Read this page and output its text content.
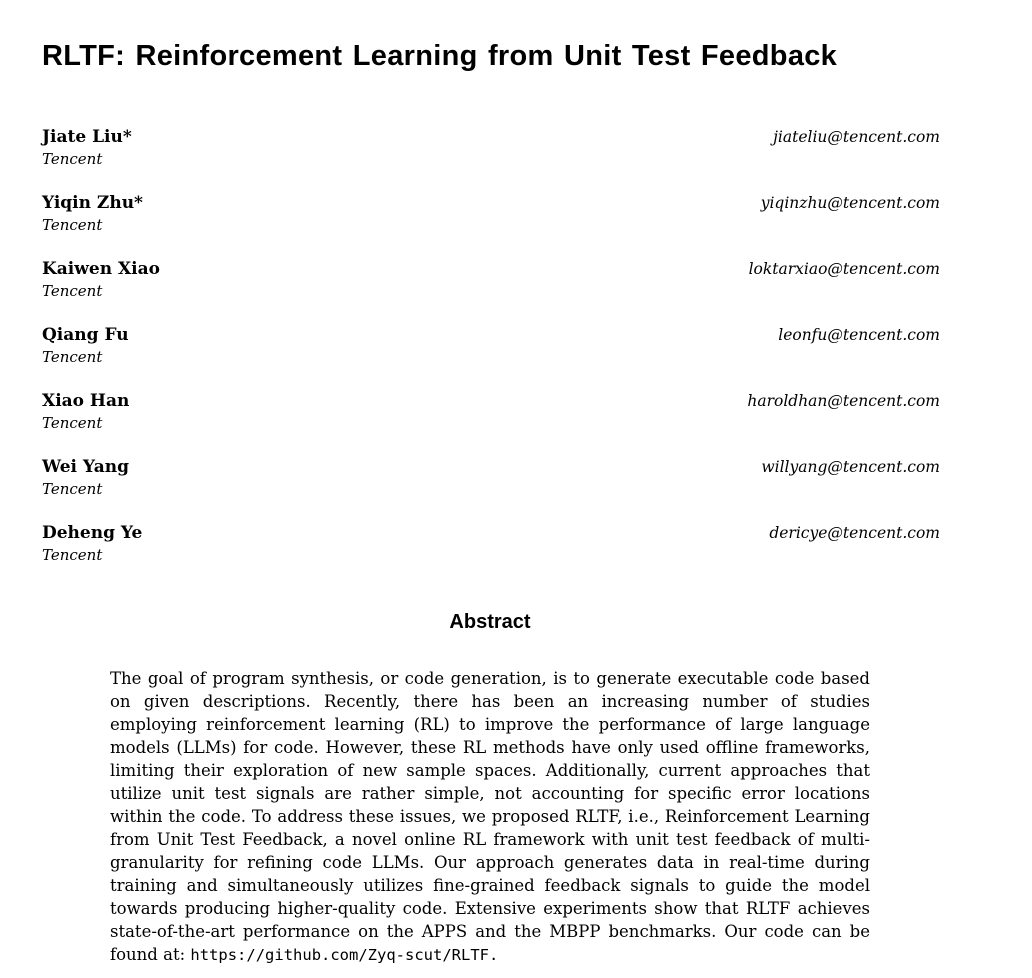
RLTF: Reinforcement Learning from Unit Test Feedback
Jiate Liu*	jiateliu@tencent.com
Tencent
Yiqin Zhu*	yiqinzhu@tencent.com
Tencent
Kaiwen Xiao	loktarxiao@tencent.com
Tencent
Qiang Fu	leonfu@tencent.com
Tencent
Xiao Han	haroldhan@tencent.com
Tencent
Wei Yang	willyang@tencent.com
Tencent
Deheng Ye	dericye@tencent.com
Tencent
Abstract

The goal of program synthesis, or code generation, is to generate executable code based on given descriptions. Recently, there has been an increasing number of studies employing reinforcement learning (RL) to improve the performance of large language models (LLMs) for code. However, these RL methods have only used offline frameworks, limiting their exploration of new sample spaces. Additionally, current approaches that utilize unit test signals are rather simple, not accounting for specific error locations within the code. To address these issues, we proposed RLTF, i.e., Reinforcement Learning from Unit Test Feedback, a novel online RL framework with unit test feedback of multi-granularity for refining code LLMs. Our approach generates data in real-time during training and simultaneously utilizes fine-grained feedback signals to guide the model towards producing higher-quality code. Extensive experiments show that RLTF achieves state-of-the-art performance on the APPS and the MBPP benchmarks. Our code can be found at: https://github.com/Zyq-scut/RLTF.
